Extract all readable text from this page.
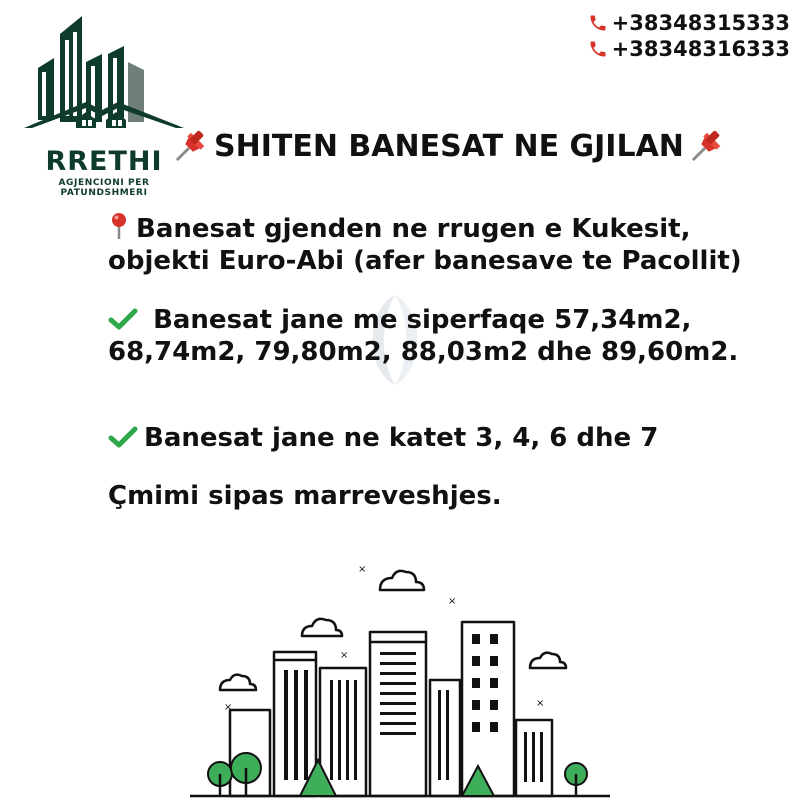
RRETHI
AGJENCIONI PER PATUNDSHMERI
+38348315333
+38348316333
SHITEN BANESAT NE GJILAN

Banesat gjenden ne rrugen e Kukesit, objekti Euro-Abi (afer banesave te Pacollit)

Banesat jane me siperfaqe 57,34m2, 68,74m2, 79,80m2, 88,03m2 dhe 89,60m2.

Banesat jane ne katet 3, 4, 6 dhe 7

Çmimi sipas marreveshjes.

×
×
×
×
×
